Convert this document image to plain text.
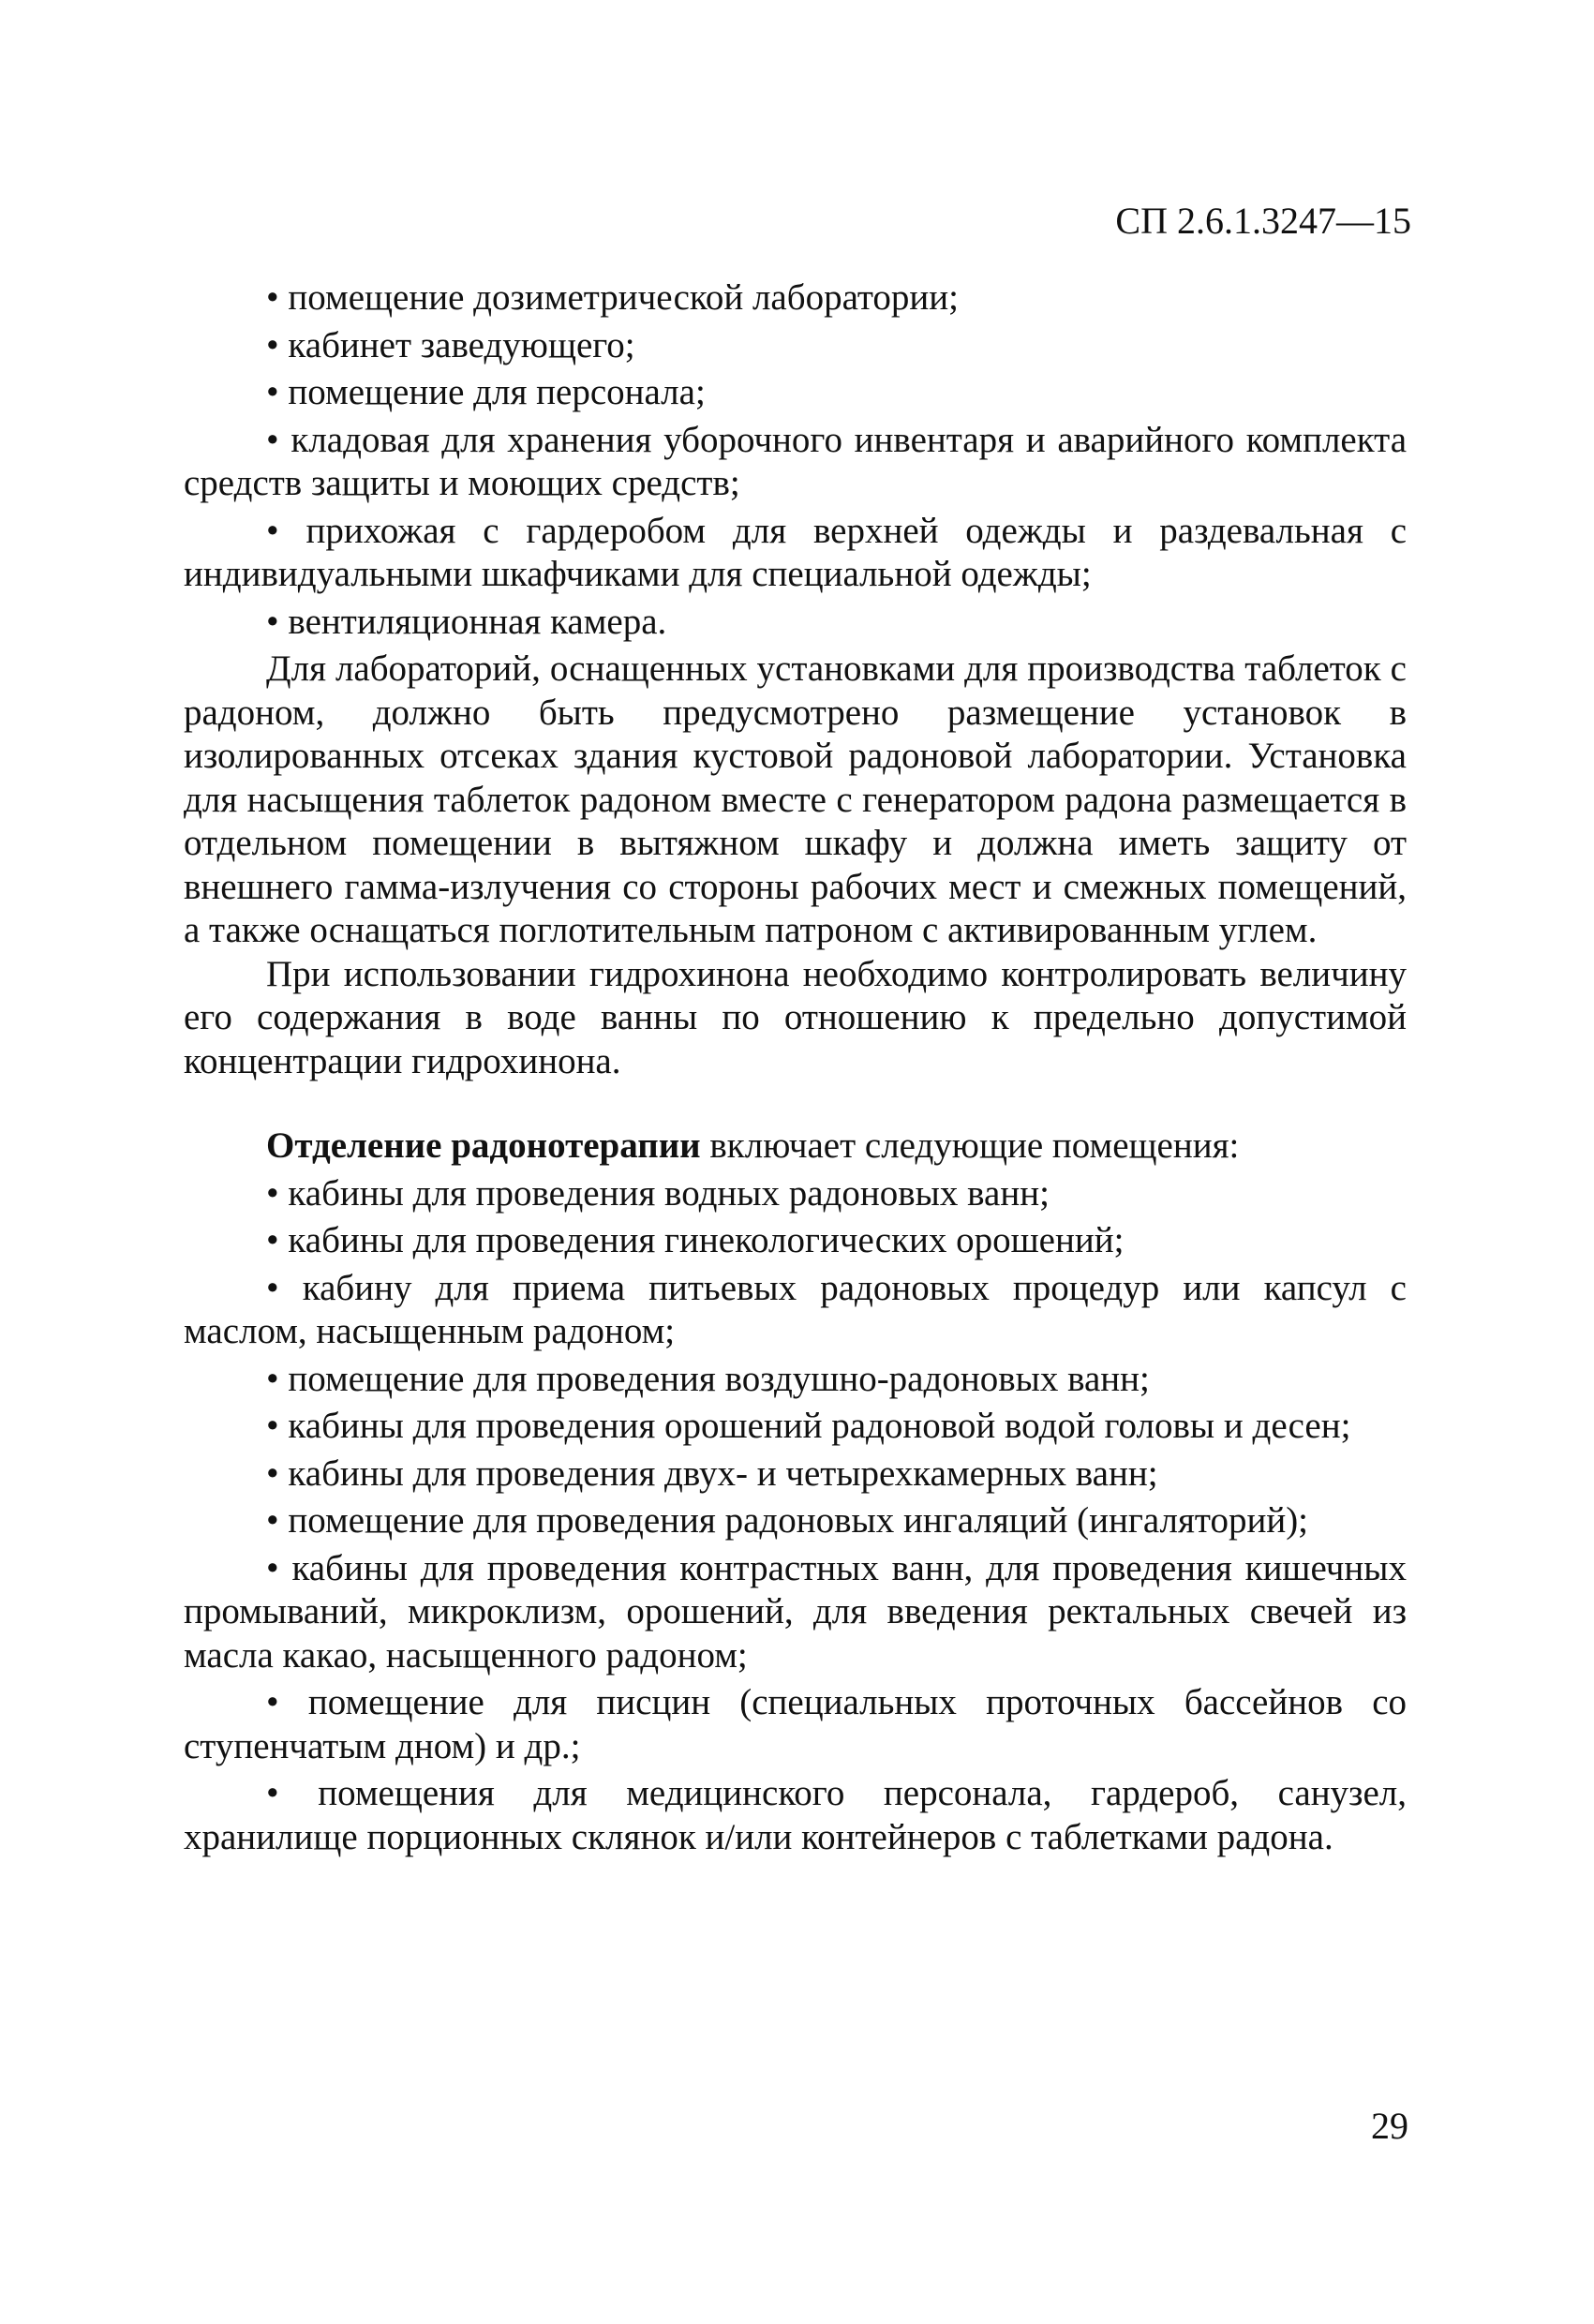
СП 2.6.1.3247—15

• помещение дозиметрической лаборатории;

• кабинет заведующего;

• помещение для персонала;

• кладовая для хранения уборочного инвентаря и аварийного комплекта средств защиты и моющих средств;

• прихожая с гардеробом для верхней одежды и раздевальная с индивидуальными шкафчиками для специальной одежды;

• вентиляционная камера.

Для лабораторий, оснащенных установками для производства таблеток с радоном, должно быть предусмотрено размещение установок в изолированных отсеках здания кустовой радоновой лаборатории. Установка для насыщения таблеток радоном вместе с генератором радона размещается в отдельном помещении в вытяжном шкафу и должна иметь защиту от внешнего гамма-излучения со стороны рабочих мест и смежных помещений, а также оснащаться поглотительным патроном с активированным углем.

При использовании гидрохинона необходимо контролировать величину его содержания в воде ванны по отношению к предельно допустимой концентрации гидрохинона.

Отделение радонотерапии включает следующие помещения:

• кабины для проведения водных радоновых ванн;

• кабины для проведения гинекологических орошений;

• кабину для приема питьевых радоновых процедур или капсул с маслом, насыщенным радоном;

• помещение для проведения воздушно-радоновых ванн;

• кабины для проведения орошений радоновой водой головы и десен;

• кабины для проведения двух- и четырехкамерных ванн;

• помещение для проведения радоновых ингаляций (ингаляторий);

• кабины для проведения контрастных ванн, для проведения кишечных промываний, микроклизм, орошений, для введения ректальных свечей из масла какао, насыщенного радоном;

• помещение для писцин (специальных проточных бассейнов со ступенчатым дном) и др.;

• помещения для медицинского персонала, гардероб, санузел, хранилище порционных склянок и/или контейнеров с таблетками радона.

29
